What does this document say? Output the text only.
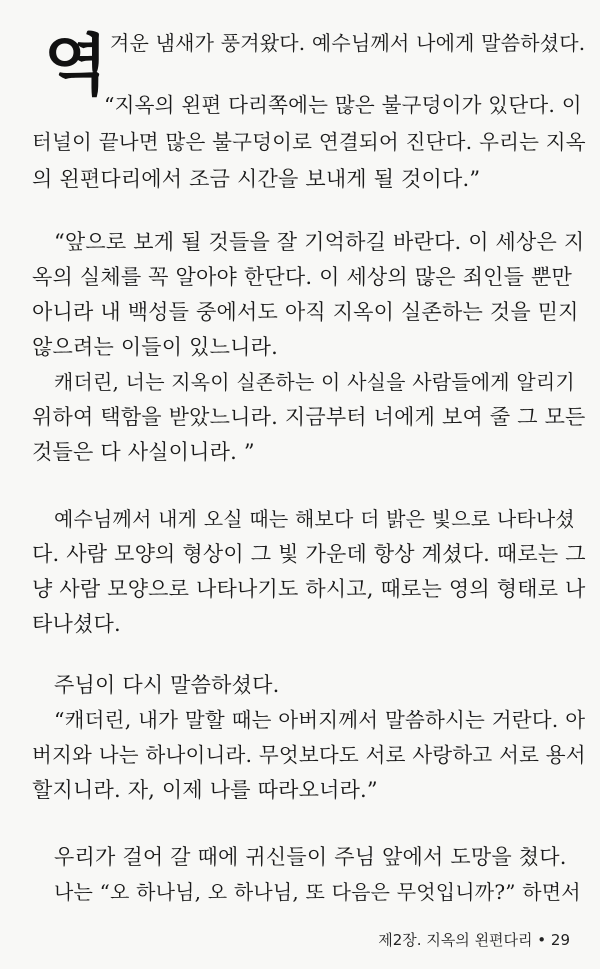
역 겨운 냄새가 풍겨왔다. 예수님께서 나에게 말씀하셨다.
“지옥의 왼편 다리쪽에는 많은 불구덩이가 있단다. 이
터널이 끝나면 많은 불구덩이로 연결되어 진단다. 우리는 지옥
의 왼편다리에서 조금 시간을 보내게 될 것이다.”
“앞으로 보게 될 것들을 잘 기억하길 바란다. 이 세상은 지
옥의 실체를 꼭 알아야 한단다. 이 세상의 많은 죄인들 뿐만
아니라 내 백성들 중에서도 아직 지옥이 실존하는 것을 믿지
않으려는 이들이 있느니라.
캐더린, 너는 지옥이 실존하는 이 사실을 사람들에게 알리기
위하여 택함을 받았느니라. 지금부터 너에게 보여 줄 그 모든
것들은 다 사실이니라. ”
예수님께서 내게 오실 때는 해보다 더 밝은 빛으로 나타나셨
다. 사람 모양의 형상이 그 빛 가운데 항상 계셨다. 때로는 그
냥 사람 모양으로 나타나기도 하시고, 때로는 영의 형태로 나
타나셨다.
주님이 다시 말씀하셨다.
“캐더린, 내가 말할 때는 아버지께서 말씀하시는 거란다. 아
버지와 나는 하나이니라. 무엇보다도 서로 사랑하고 서로 용서
할지니라. 자, 이제 나를 따라오너라.”
우리가 걸어 갈 때에 귀신들이 주님 앞에서 도망을 쳤다.
나는 “오 하나님, 오 하나님, 또 다음은 무엇입니까?” 하면서
제2장. 지옥의 왼편다리 • 29
